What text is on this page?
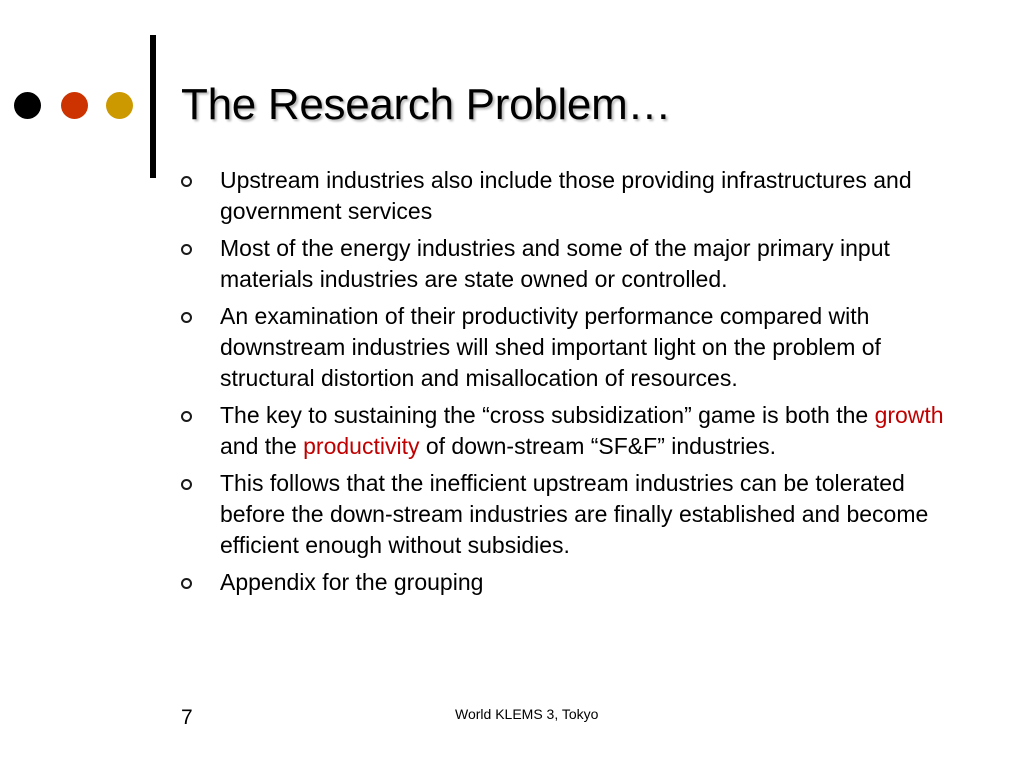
The Research Problem…
Upstream industries also include those providing infrastructures and government services
Most of the energy industries and some of the major primary input materials industries are state owned or controlled.
An examination of their productivity performance compared with downstream industries will shed important light on the problem of structural distortion and misallocation of resources.
The key to sustaining the “cross subsidization” game is both the growth and the productivity of down-stream “SF&F” industries.
This follows that the inefficient upstream industries can be tolerated before the down-stream industries are finally established and become efficient enough without subsidies.
Appendix for the grouping
7	World KLEMS 3, Tokyo
